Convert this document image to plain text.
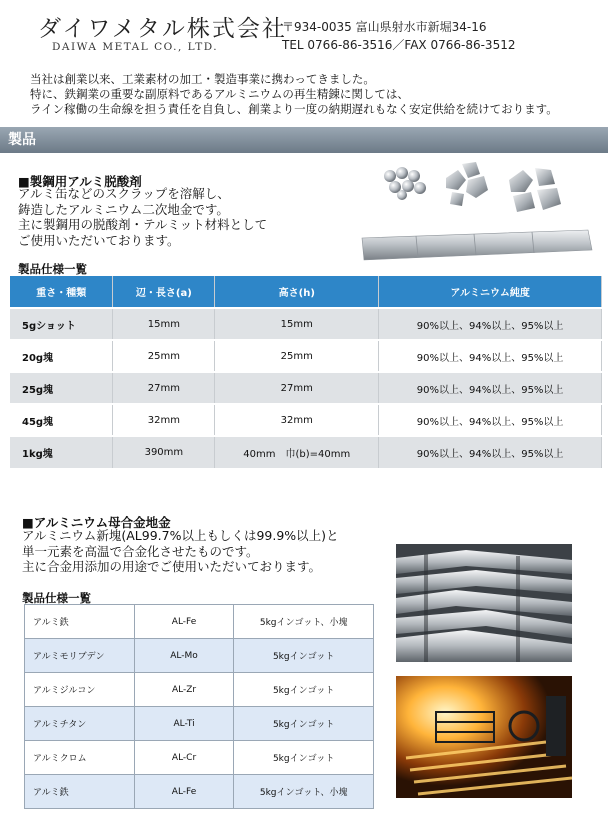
ダイワメタル株式会社
DAIWA METAL CO., LTD.
〒934-0035 富山県射水市新堀34-16
TEL 0766-86-3516／FAX 0766-86-3512
当社は創業以来、工業素材の加工・製造事業に携わってきました。
特に、鉄鋼業の重要な副原料であるアルミニウムの再生精錬に関しては、
ライン稼働の生命線を担う責任を自負し、創業より一度の納期遅れもなく安定供給を続けております。
製品
■製鋼用アルミ脱酸剤
アルミ缶などのスクラップを溶解し、
鋳造したアルミニウム二次地金です。
主に製鋼用の脱酸剤・テルミット材料として
ご使用いただいております。
製品仕様一覧
重さ・種類	辺・長さ(a)	高さ(h)	アルミニウム純度
5gショット	15mm	15mm	90%以上、94%以上、95%以上
20g塊	25mm	25mm	90%以上、94%以上、95%以上
25g塊	27mm	27mm	90%以上、94%以上、95%以上
45g塊	32mm	32mm	90%以上、94%以上、95%以上
1kg塊	390mm	40mm　巾(b)=40mm	90%以上、94%以上、95%以上
■アルミニウム母合金地金
アルミニウム新塊(AL99.7%以上もしくは99.9%以上)と
単一元素を高温で合金化させたものです。
主に合金用添加の用途でご使用いただいております。
製品仕様一覧
アルミ鉄	AL-Fe	5kgインゴット、小塊
アルミモリブデン	AL-Mo	5kgインゴット
アルミジルコン	AL-Zr	5kgインゴット
アルミチタン	AL-Ti	5kgインゴット
アルミクロム	AL-Cr	5kgインゴット
アルミ鉄	AL-Fe	5kgインゴット、小塊
